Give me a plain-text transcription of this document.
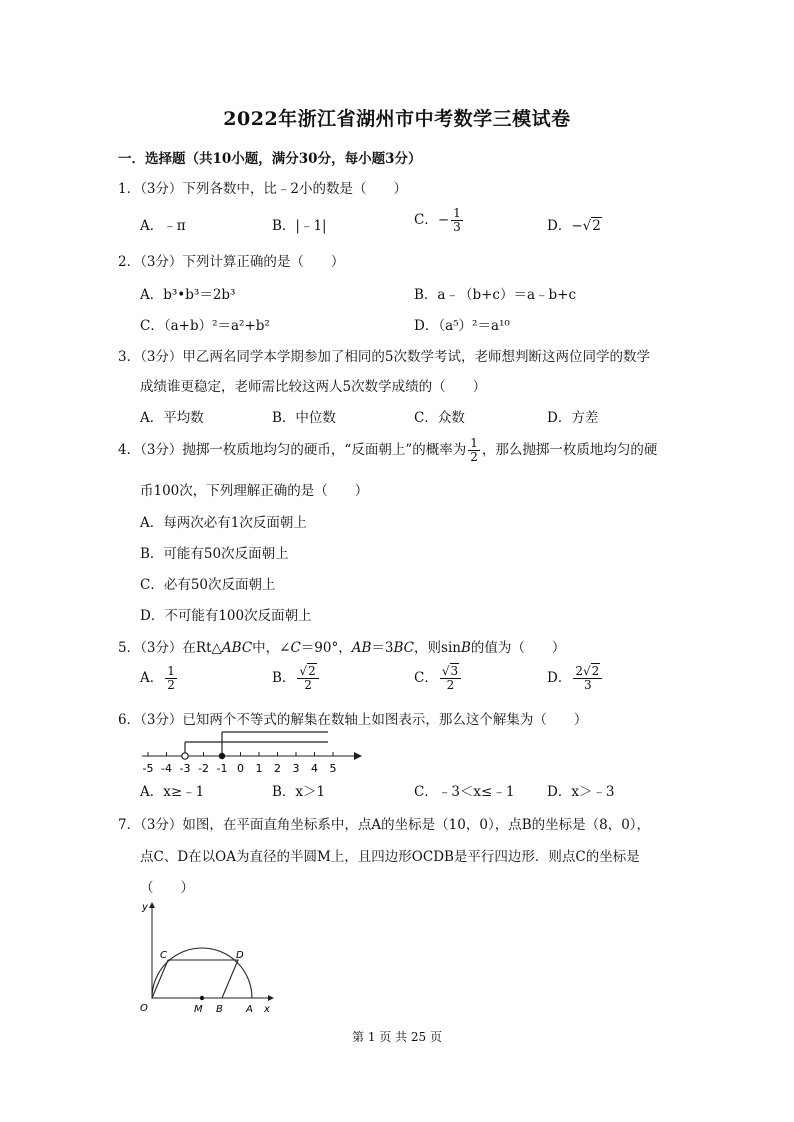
2022年浙江省湖州市中考数学三模试卷
一．选择题（共10小题，满分30分，每小题3分）
1．（3分）下列各数中，比﹣2小的数是（　　）
A．﹣π	B．|﹣1|	C．− $\frac{1}{3}$	D．−√2
2．（3分）下列计算正确的是（　　）
A．b³•b³＝2b³	B．a﹣（b+c）＝a﹣b+c
C．（a+b）²＝a²+b²	D．（a⁵）²＝a¹⁰
3．（3分）甲乙两名同学本学期参加了相同的5次数学考试，老师想判断这两位同学的数学
成绩谁更稳定，老师需比较这两人5次数学成绩的（　　）
A．平均数	B．中位数	C．众数	D．方差
4．（3分）抛掷一枚质地均匀的硬币，“反面朝上”的概率为 $\frac{1}{2}$ ，那么抛掷一枚质地均匀的硬
币100次，下列理解正确的是（　　）
A．每两次必有1次反面朝上
B．可能有50次反面朝上
C．必有50次反面朝上
D．不可能有100次反面朝上
5．（3分）在Rt△ABC中，∠C＝90°，AB＝3BC，则sinB的值为（　　）
A． $\frac{1}{2}$	B． $\frac{√2}{2}$	C． $\frac{√3}{2}$	D． $\frac{2√2}{3}$
6．（3分）已知两个不等式的解集在数轴上如图表示，那么这个解集为（　　）
-5 -4 -3 -2 -1 0 1 2 3 4 5
A．x≥﹣1	B．x＞1	C．﹣3＜x≤﹣1 D．x＞﹣3
7．（3分）如图，在平面直角坐标系中，点A的坐标是（10，0），点B的坐标是（8，0），
点C、D在以OA为直径的半圆M上，且四边形OCDB是平行四边形．则点C的坐标是
（　　）
y
x
O	M B A
C	D
第 1 页 共 25 页
